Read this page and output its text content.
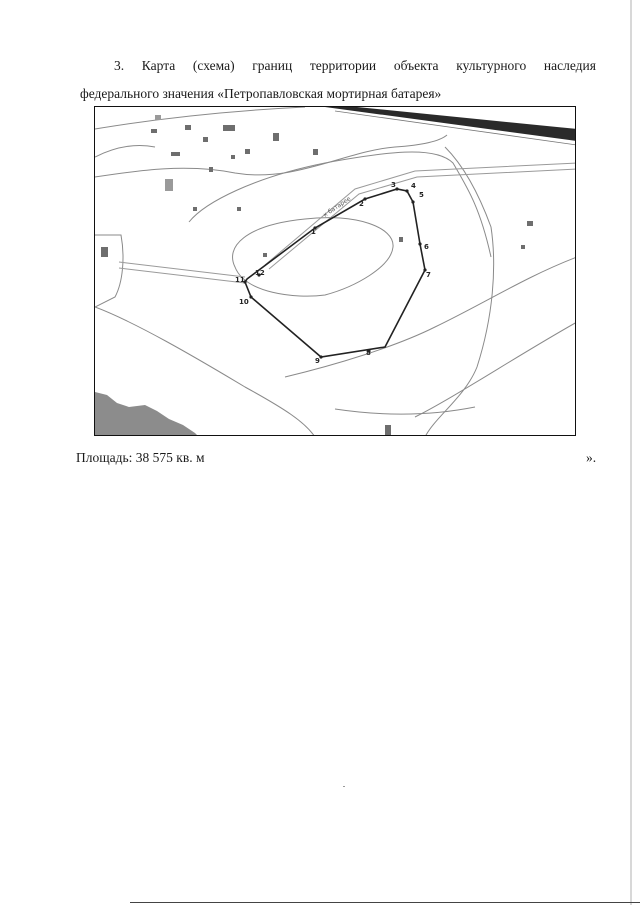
3. Карта (схема) границ территории объекта культурного наследия
федерального значения «Петропавловская мортирная батарея»
к батарее
1
2
3 4
5
6
7
8
9
10
11
12
Площадь: 38 575 кв. м	».
